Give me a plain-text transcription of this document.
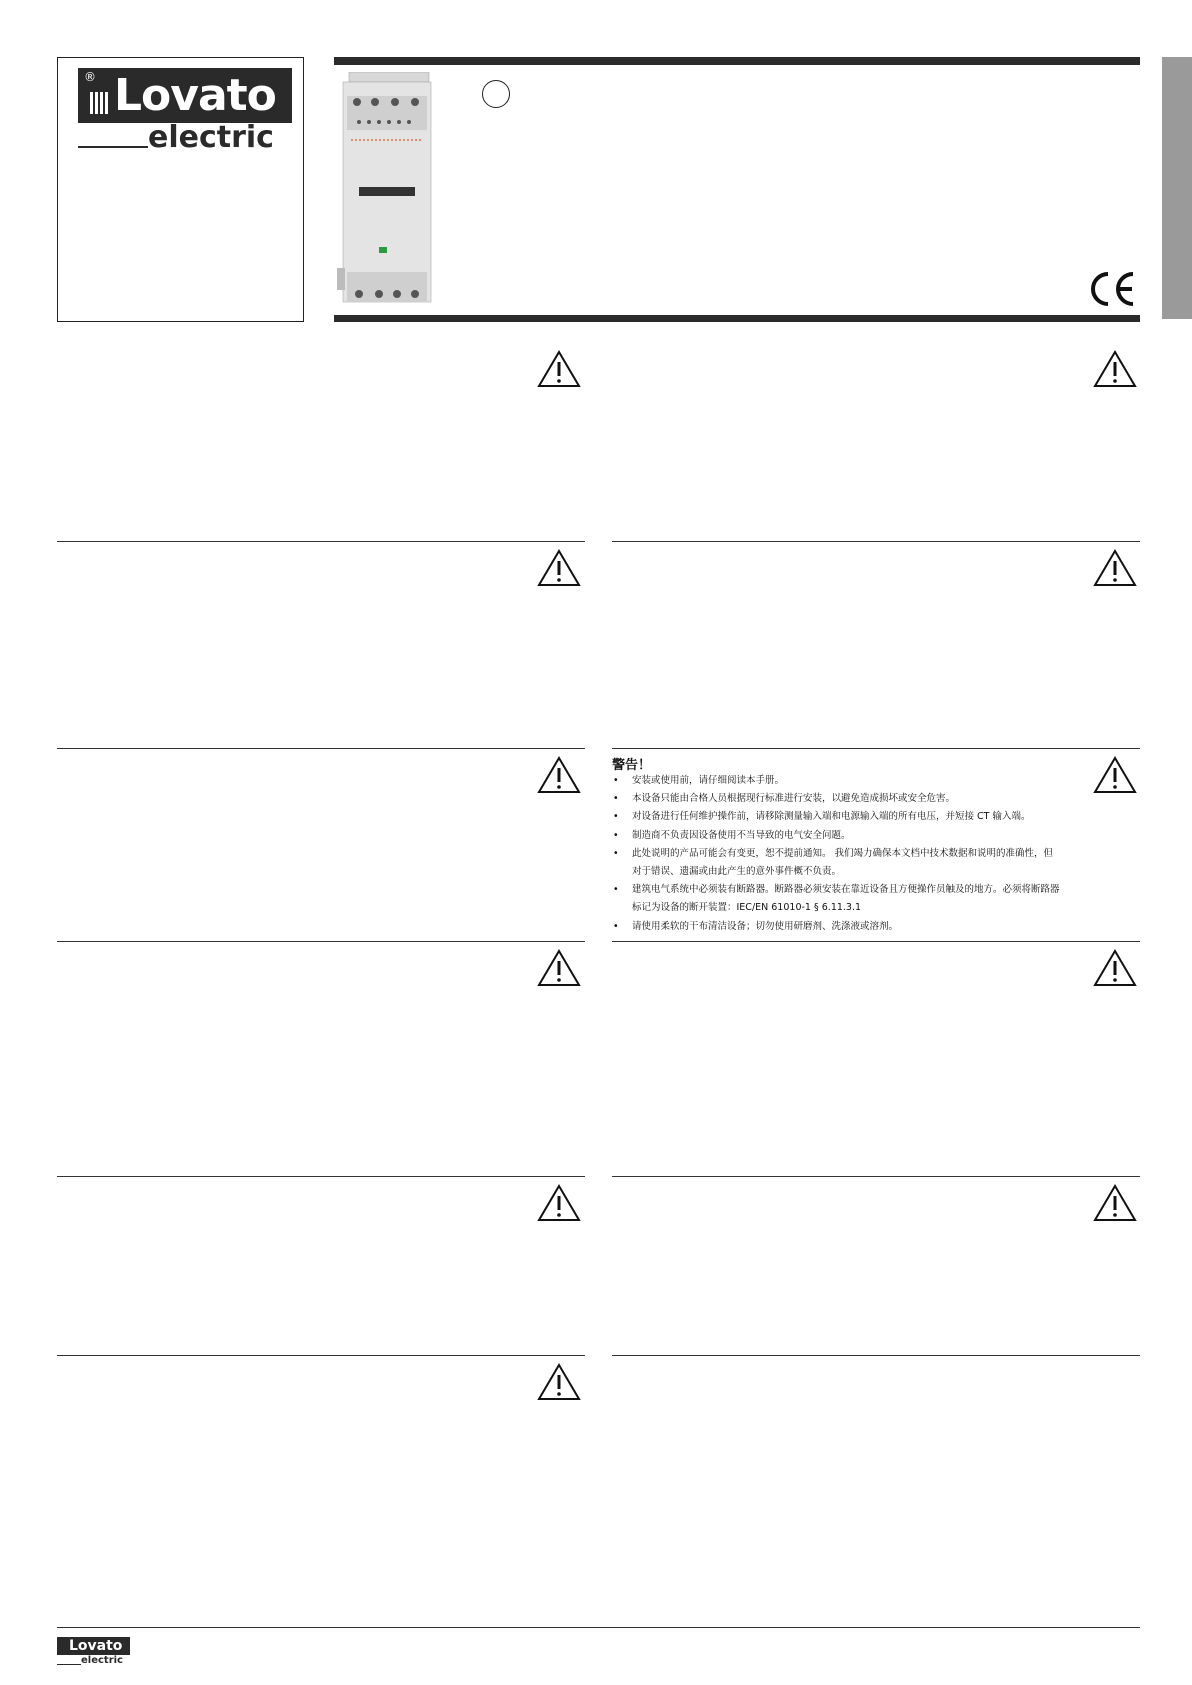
® Lovato
electric
警告！
• 安装或使用前，请仔细阅读本手册。
• 本设备只能由合格人员根据现行标准进行安装，以避免造成损坏或安全危害。
• 对设备进行任何维护操作前，请移除测量输入端和电源输入端的所有电压，并短接 CT 输入端。
• 制造商不负责因设备使用不当导致的电气安全问题。
• 此处说明的产品可能会有变更，恕不提前通知。 我们竭力确保本文档中技术数据和说明的准确性，但
对于错误、遗漏或由此产生的意外事件概不负责。
• 建筑电气系统中必须装有断路器。断路器必须安装在靠近设备且方便操作员触及的地方。必须将断路器
标记为设备的断开装置：IEC/EN 61010-1 § 6.11.3.1
• 请使用柔软的干布清洁设备；切勿使用研磨剂、洗涤液或溶剂。
Lovato
electric
